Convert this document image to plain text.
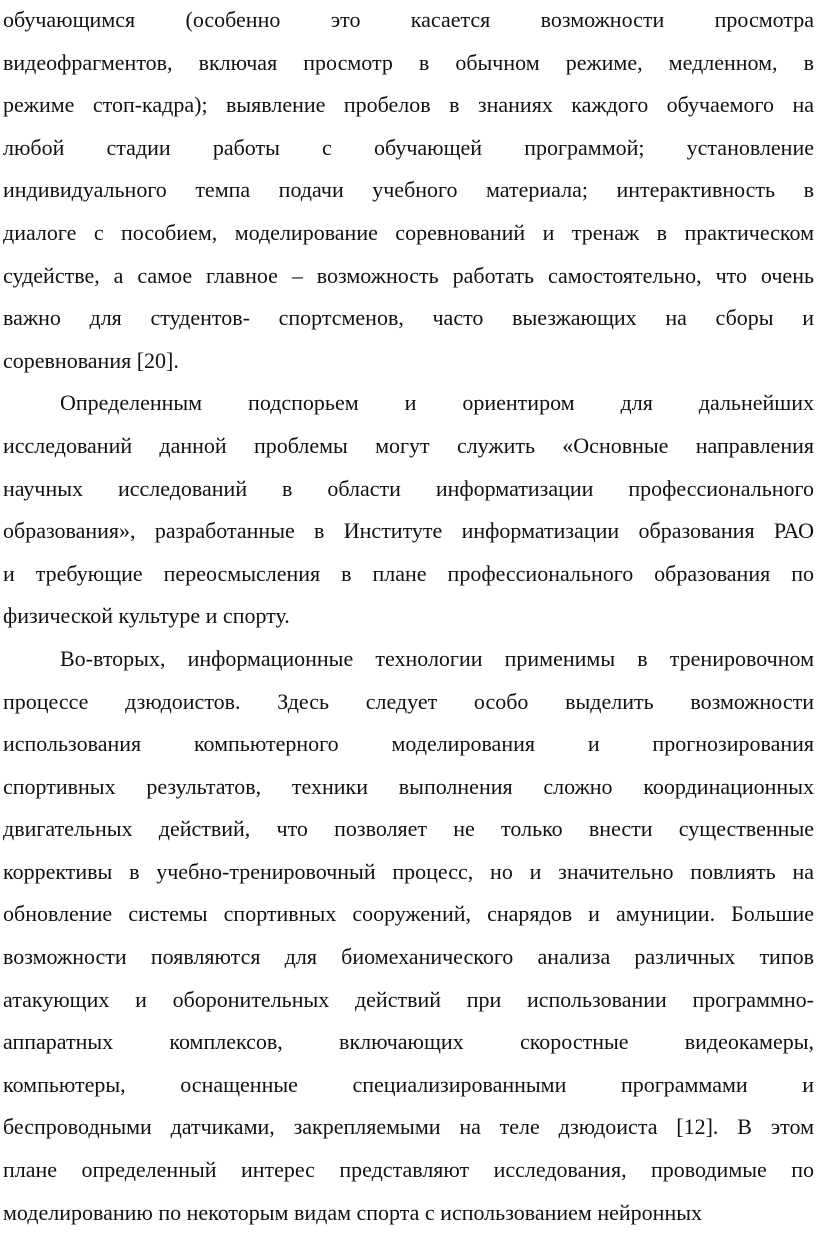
обучающимся (особенно это касается возможности просмотра
видеофрагментов, включая просмотр в обычном режиме, медленном, в
режиме стоп-кадра); выявление пробелов в знаниях каждого обучаемого на
любой стадии работы с обучающей программой; установление
индивидуального темпа подачи учебного материала; интерактивность в
диалоге с пособием, моделирование соревнований и тренаж в практическом
судействе, а самое главное – возможность работать самостоятельно, что очень
важно для студентов- спортсменов, часто выезжающих на сборы и
соревнования [20].
Определенным подспорьем и ориентиром для дальнейших
исследований данной проблемы могут служить «Основные направления
научных исследований в области информатизации профессионального
образования», разработанные в Институте информатизации образования РАО
и требующие переосмысления в плане профессионального образования по
физической культуре и спорту.
Во-вторых, информационные технологии применимы в тренировочном
процессе дзюдоистов. Здесь следует особо выделить возможности
использования компьютерного моделирования и прогнозирования
спортивных результатов, техники выполнения сложно координационных
двигательных действий, что позволяет не только внести существенные
коррективы в учебно-тренировочный процесс, но и значительно повлиять на
обновление системы спортивных сооружений, снарядов и амуниции. Большие
возможности появляются для биомеханического анализа различных типов
атакующих и оборонительных действий при использовании программно-
аппаратных комплексов, включающих скоростные видеокамеры,
компьютеры, оснащенные специализированными программами и
беспроводными датчиками, закрепляемыми на теле дзюдоиста [12]. В этом
плане определенный интерес представляют исследования, проводимые по
моделированию по некоторым видам спорта с использованием нейронных
